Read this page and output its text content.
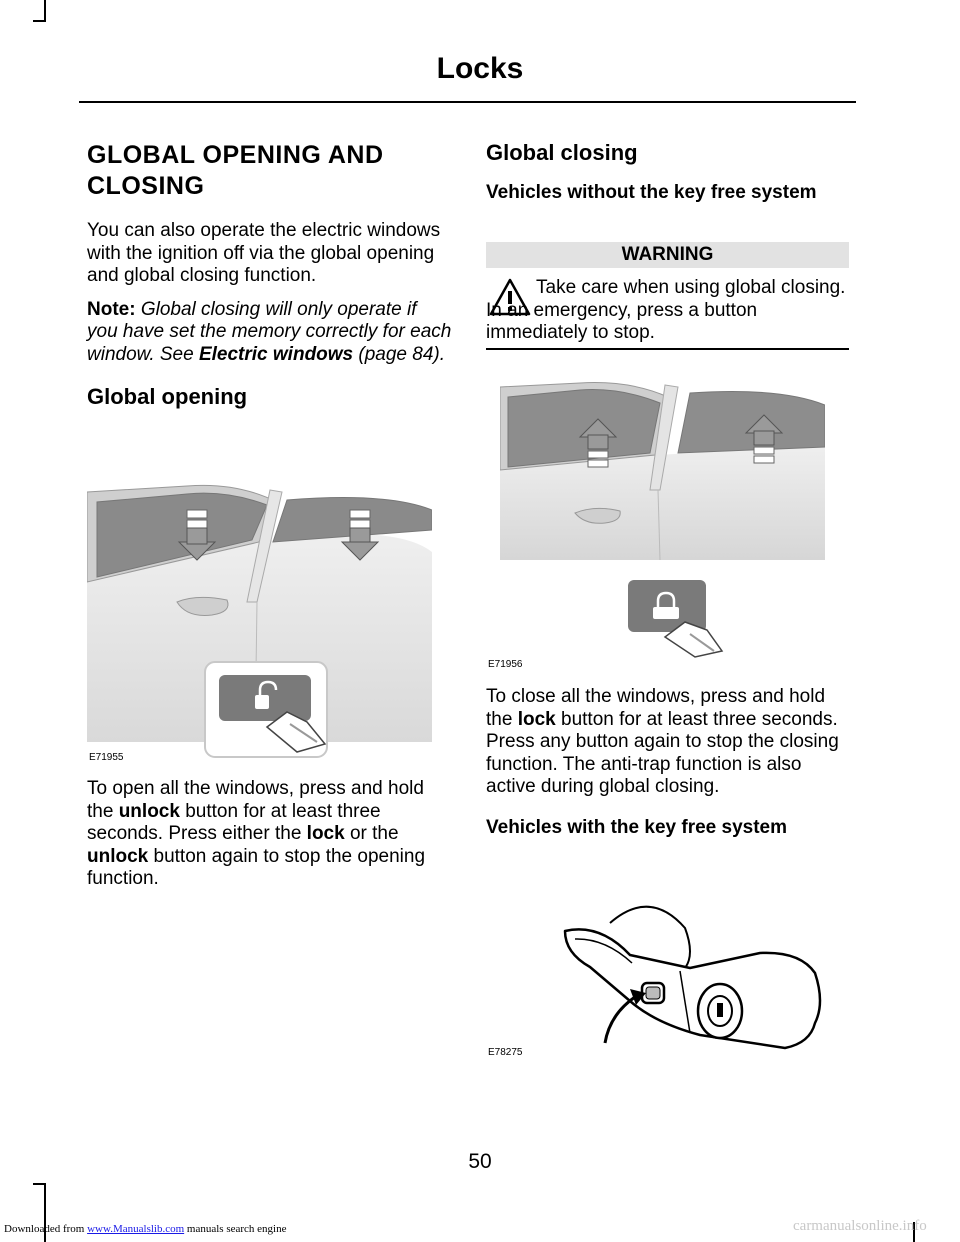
Locks
GLOBAL OPENING AND
CLOSING

You can also operate the electric windows with the ignition off via the global opening and global closing function.

Note: Global closing will only operate if you have set the memory correctly for each window. See Electric windows (page 84).

Global opening
E71955

To open all the windows, press and hold the unlock button for at least three seconds. Press either the lock or the unlock button again to stop the opening function.

Global closing
Vehicles without the key free system
WARNING

Take care when using global closing. In an emergency, press a button immediately to stop.

E71956

To close all the windows, press and hold the lock button for at least three seconds. Press any button again to stop the closing function. The anti-trap function is also active during global closing.

Vehicles with the key free system
E78275
50
Downloaded from www.Manualslib.com manuals search engine	carmanualsonline.info
